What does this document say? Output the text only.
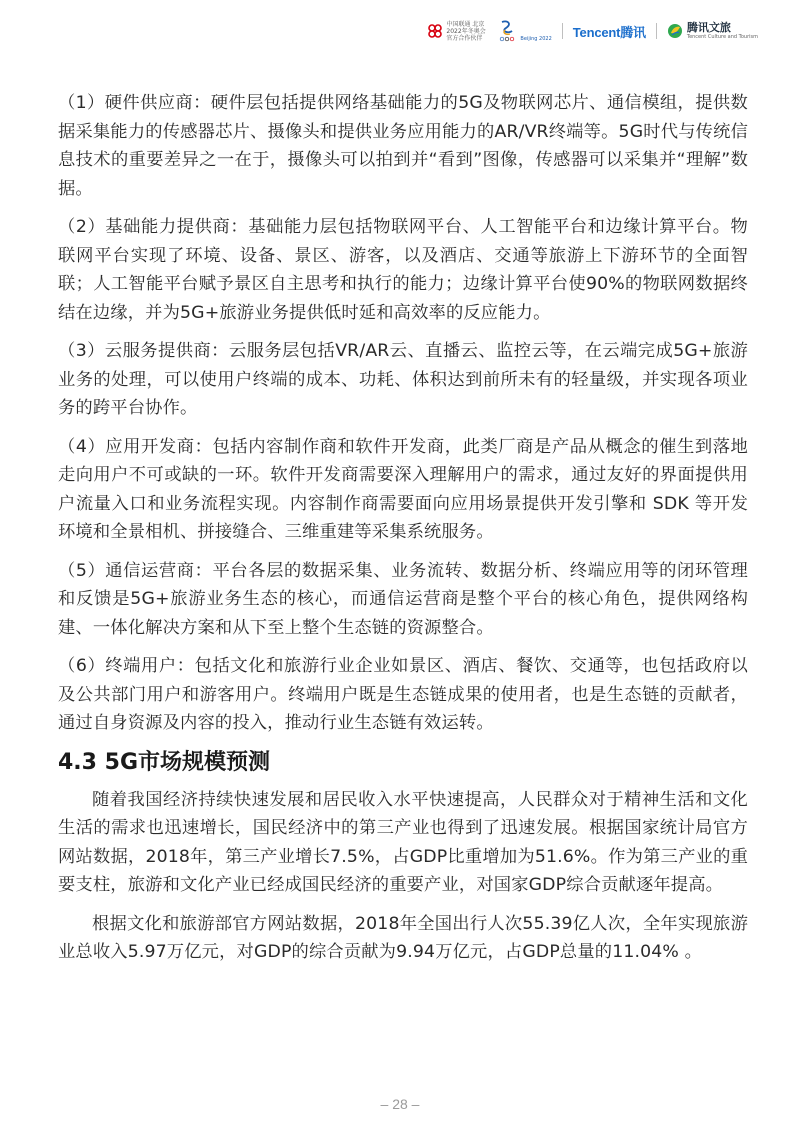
中国联通 北京2022年冬奥会官方合作伙伴	Beijing 2022 Tencent腾讯	腾讯文旅
Tencent Culture and Tourism

（1）硬件供应商：硬件层包括提供网络基础能力的5G及物联网芯片、通信模组，提供数据采集能力的传感器芯片、摄像头和提供业务应用能力的AR/VR终端等。5G时代与传统信息技术的重要差异之一在于，摄像头可以拍到并“看到”图像，传感器可以采集并“理解”数据。

（2）基础能力提供商：基础能力层包括物联网平台、人工智能平台和边缘计算平台。物联网平台实现了环境、设备、景区、游客，以及酒店、交通等旅游上下游环节的全面智联；人工智能平台赋予景区自主思考和执行的能力；边缘计算平台使90%的物联网数据终结在边缘，并为5G+旅游业务提供低时延和高效率的反应能力。

（3）云服务提供商：云服务层包括VR/AR云、直播云、监控云等，在云端完成5G+旅游业务的处理，可以使用户终端的成本、功耗、体积达到前所未有的轻量级，并实现各项业务的跨平台协作。

（4）应用开发商：包括内容制作商和软件开发商，此类厂商是产品从概念的催生到落地走向用户不可或缺的一环。软件开发商需要深入理解用户的需求，通过友好的界面提供用户流量入口和业务流程实现。内容制作商需要面向应用场景提供开发引擎和 SDK 等开发环境和全景相机、拼接缝合、三维重建等采集系统服务。

（5）通信运营商：平台各层的数据采集、业务流转、数据分析、终端应用等的闭环管理和反馈是5G+旅游业务生态的核心，而通信运营商是整个平台的核心角色，提供网络构建、一体化解决方案和从下至上整个生态链的资源整合。

（6）终端用户：包括文化和旅游行业企业如景区、酒店、餐饮、交通等，也包括政府以及公共部门用户和游客用户。终端用户既是生态链成果的使用者，也是生态链的贡献者，通过自身资源及内容的投入，推动行业生态链有效运转。

4.3 5G市场规模预测

随着我国经济持续快速发展和居民收入水平快速提高，人民群众对于精神生活和文化生活的需求也迅速增长，国民经济中的第三产业也得到了迅速发展。根据国家统计局官方网站数据，2018年，第三产业增长7.5%，占GDP比重增加为51.6%。作为第三产业的重要支柱，旅游和文化产业已经成国民经济的重要产业，对国家GDP综合贡献逐年提高。

根据文化和旅游部官方网站数据，2018年全国出行人次55.39亿人次，全年实现旅游业总收入5.97万亿元，对GDP的综合贡献为9.94万亿元，占GDP总量的11.04% 。

– 28 –
